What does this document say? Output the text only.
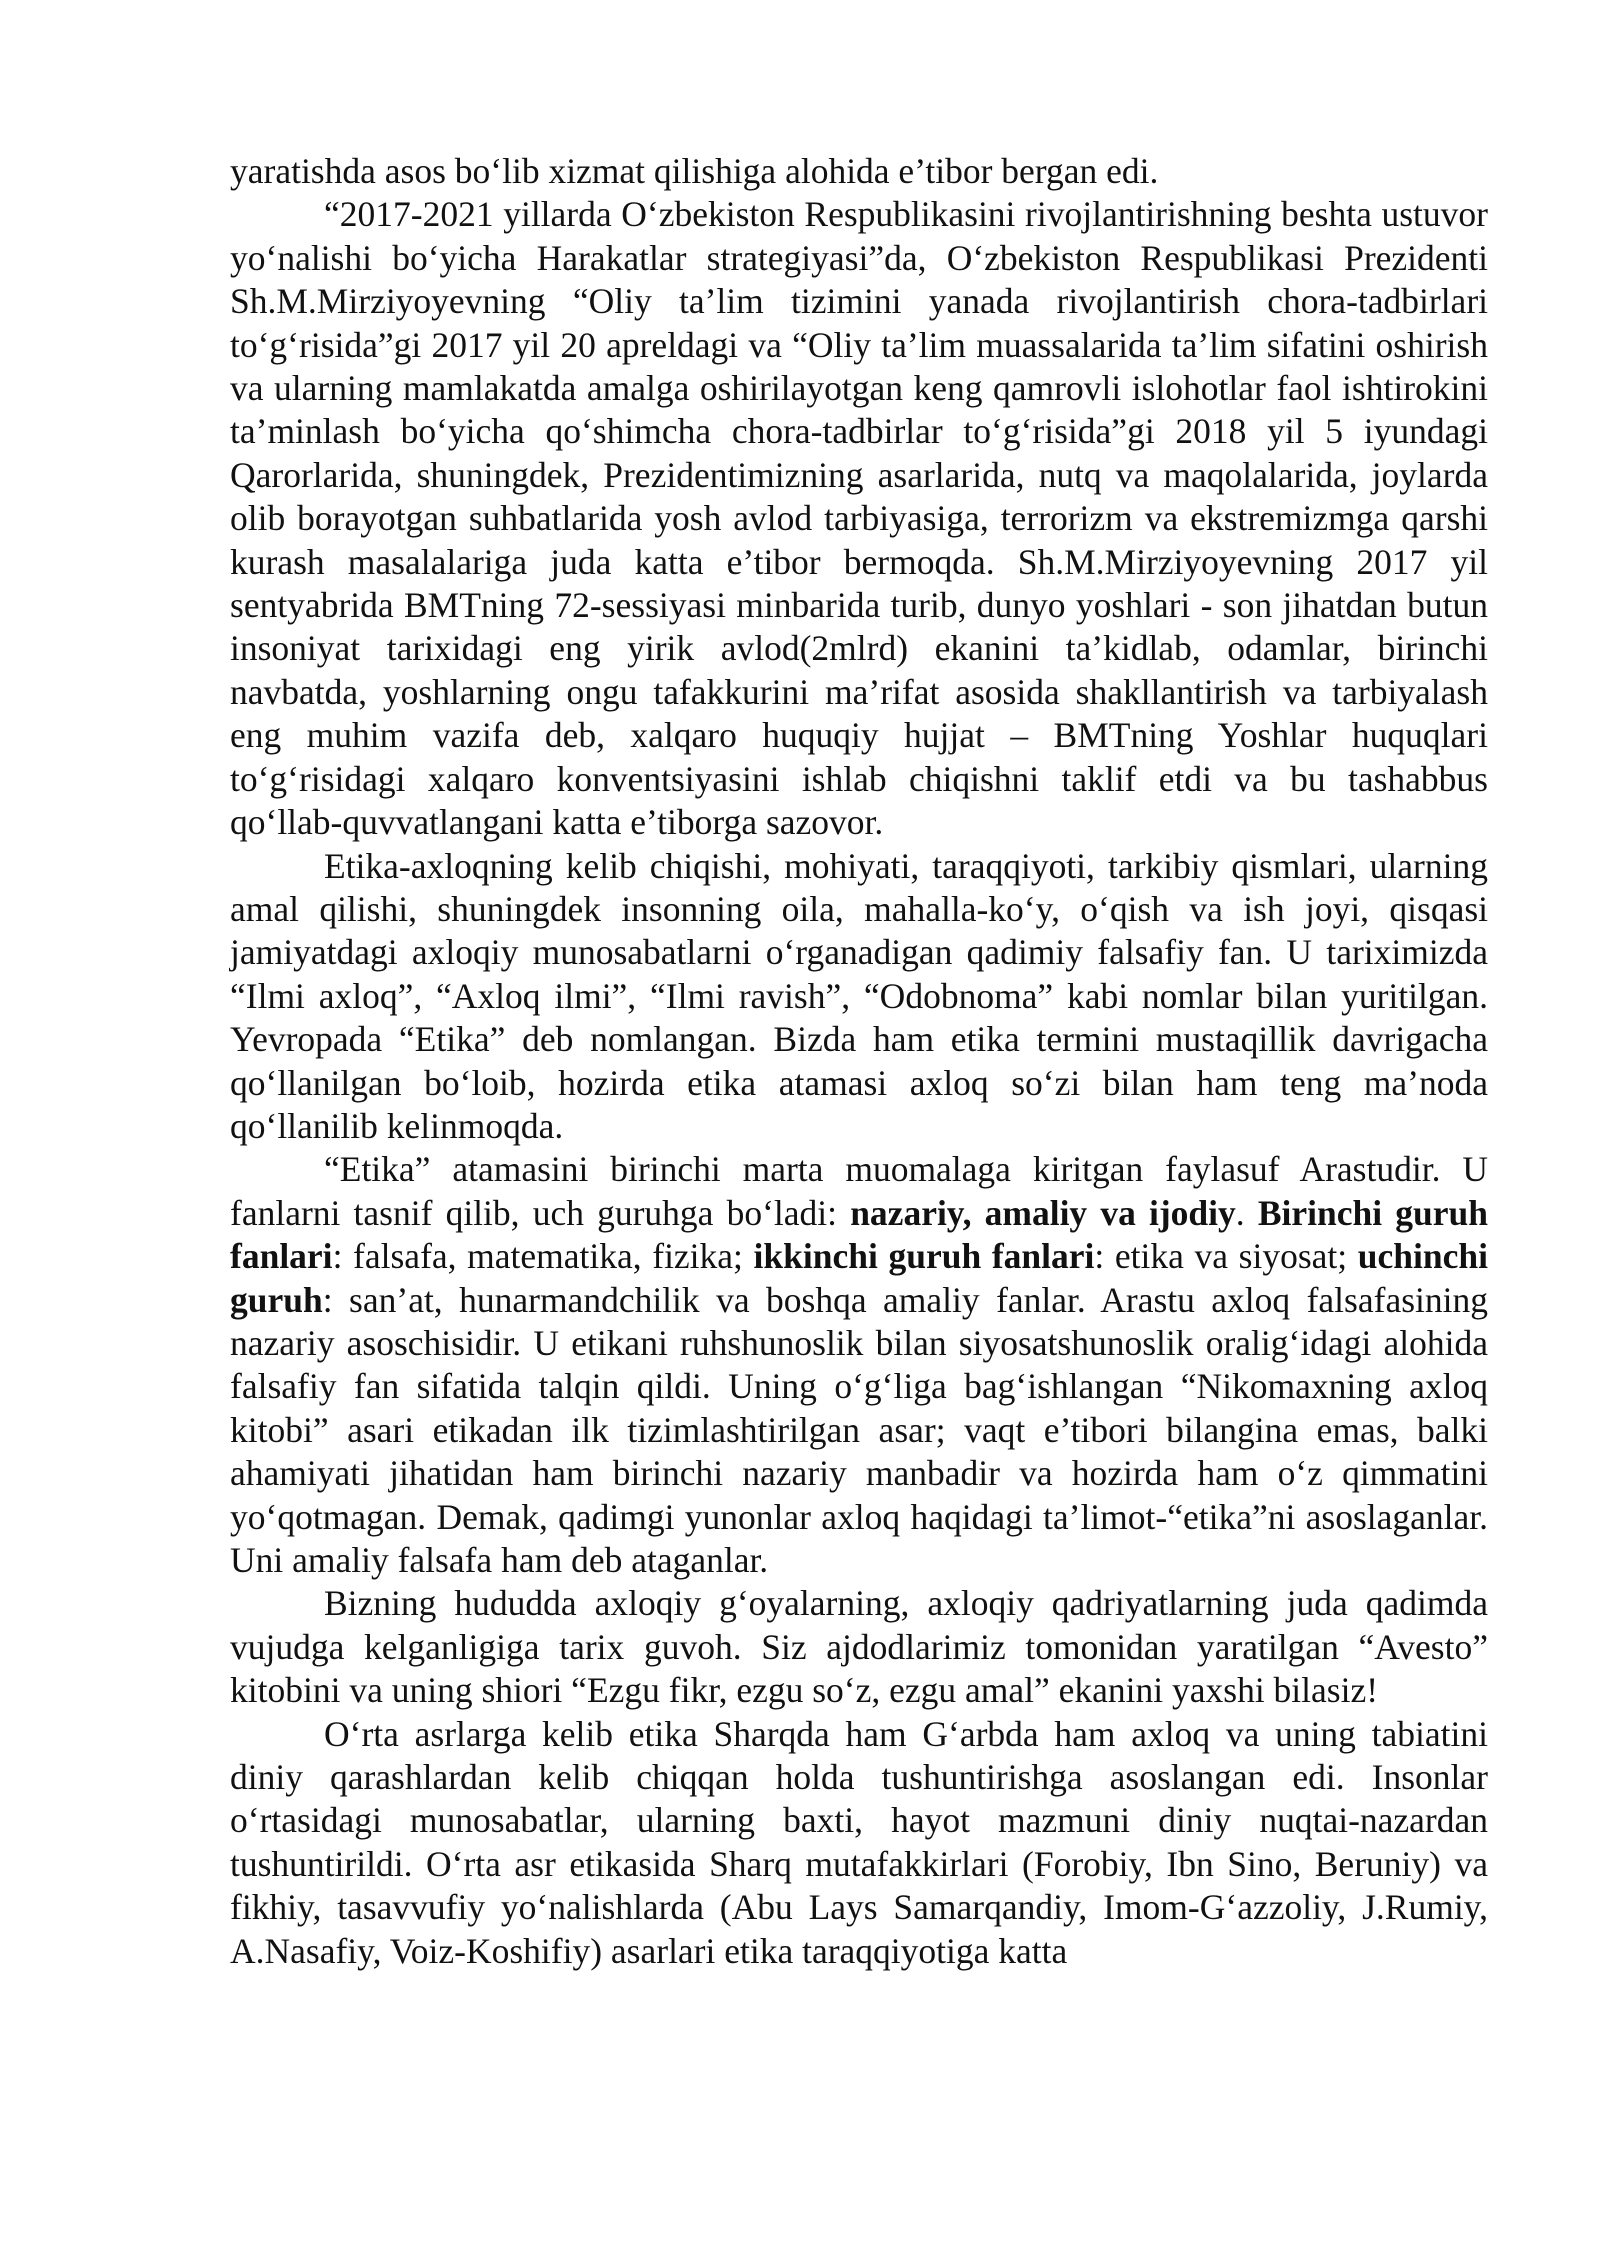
yaratishda asos bo‘lib xizmat qilishiga alohida e’tibor bergan edi.

“2017-2021 yillarda O‘zbekiston Respublikasini rivojlantirishning beshta ustuvor yo‘nalishi bo‘yicha Harakatlar strategiyasi”da, O‘zbekiston Respublikasi Prezidenti Sh.M.Mirziyoyevning “Oliy ta’lim tizimini yanada rivojlantirish chora-tadbirlari to‘g‘risida”gi 2017 yil 20 apreldagi va “Oliy ta’lim muassalarida ta’lim sifatini oshirish va ularning mamlakatda amalga oshirilayotgan keng qamrovli islohotlar faol ishtirokini ta’minlash bo‘yicha qo‘shimcha chora-tadbirlar to‘g‘risida”gi 2018 yil 5 iyundagi Qarorlarida, shuningdek, Prezidentimizning asarlarida, nutq va maqolalarida, joylarda olib borayotgan suhbatlarida yosh avlod tarbiyasiga, terrorizm va ekstremizmga qarshi kurash masalalariga juda katta e’tibor bermoqda. Sh.M.Mirziyoyevning 2017 yil sentyabrida BMTning 72-sessiyasi minbarida turib, dunyo yoshlari - son jihatdan butun insoniyat tarixidagi eng yirik avlod(2mlrd) ekanini ta’kidlab, odamlar, birinchi navbatda, yoshlarning ongu tafakkurini ma’rifat asosida shakllantirish va tarbiyalash eng muhim vazifa deb, xalqaro huquqiy hujjat – BMTning Yoshlar huquqlari to‘g‘risidagi xalqaro konventsiyasini ishlab chiqishni taklif etdi va bu tashabbus qo‘llab-quvvatlangani katta e’tiborga sazovor.

Etika-axloqning kelib chiqishi, mohiyati, taraqqiyoti, tarkibiy qismlari, ularning amal qilishi, shuningdek insonning oila, mahalla-ko‘y, o‘qish va ish joyi, qisqasi jamiyatdagi axloqiy munosabatlarni o‘rganadigan qadimiy falsafiy fan. U tariximizda “Ilmi axloq”, “Axloq ilmi”, “Ilmi ravish”, “Odobnoma” kabi nomlar bilan yuritilgan. Yevropada “Etika” deb nomlangan. Bizda ham etika termini mustaqillik davrigacha qo‘llanilgan bo‘loib, hozirda etika atamasi axloq so‘zi bilan ham teng ma’noda qo‘llanilib kelinmoqda.

“Etika” atamasini birinchi marta muomalaga kiritgan faylasuf Arastudir. U fanlarni tasnif qilib, uch guruhga bo‘ladi: nazariy, amaliy va ijodiy. Birinchi guruh fanlari: falsafa, matematika, fizika; ikkinchi guruh fanlari: etika va siyosat; uchinchi guruh: san’at, hunarmandchilik va boshqa amaliy fanlar. Arastu axloq falsafasining nazariy asoschisidir. U etikani ruhshunoslik bilan siyosatshunoslik oralig‘idagi alohida falsafiy fan sifatida talqin qildi. Uning o‘g‘liga bag‘ishlangan “Nikomaxning axloq kitobi” asari etikadan ilk tizimlashtirilgan asar; vaqt e’tibori bilangina emas, balki ahamiyati jihatidan ham birinchi nazariy manbadir va hozirda ham o‘z qimmatini yo‘qotmagan. Demak, qadimgi yunonlar axloq haqidagi ta’limot-“etika”ni asoslaganlar. Uni amaliy falsafa ham deb ataganlar.

Bizning hududda axloqiy g‘oyalarning, axloqiy qadriyatlarning juda qadimda vujudga kelganligiga tarix guvoh. Siz ajdodlarimiz tomonidan yaratilgan “Avesto” kitobini va uning shiori “Ezgu fikr, ezgu so‘z, ezgu amal” ekanini yaxshi bilasiz!

O‘rta asrlarga kelib etika Sharqda ham G‘arbda ham axloq va uning tabiatini diniy qarashlardan kelib chiqqan holda tushuntirishga asoslangan edi. Insonlar o‘rtasidagi munosabatlar, ularning baxti, hayot mazmuni diniy nuqtai-nazardan tushuntirildi. O‘rta asr etikasida Sharq mutafakkirlari (Forobiy, Ibn Sino, Beruniy) va fikhiy, tasavvufiy yo‘nalishlarda (Abu Lays Samarqandiy, Imom-G‘azzoliy, J.Rumiy, A.Nasafiy, Voiz-Koshifiy) asarlari etika taraqqiyotiga katta
